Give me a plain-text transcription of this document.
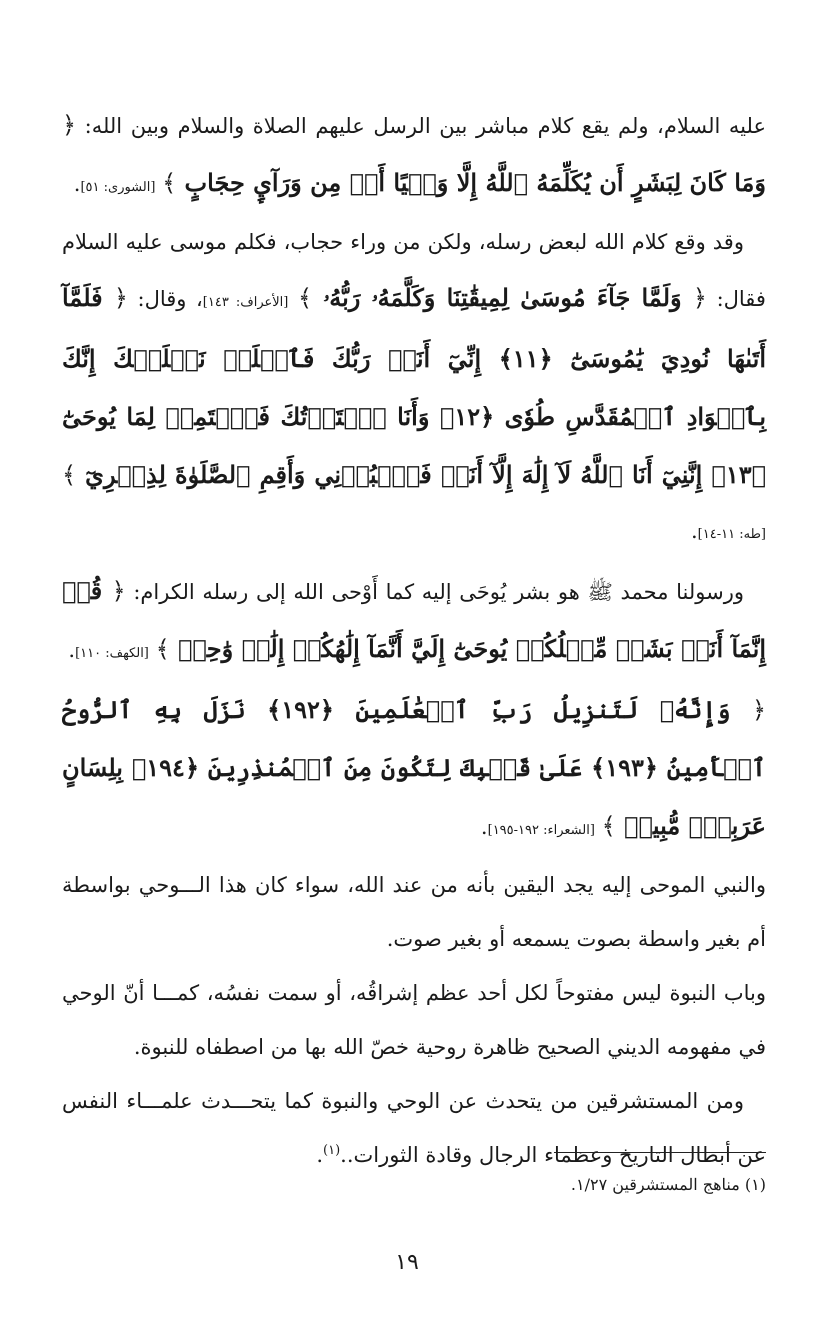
عليه السلام، ولم يقع كلام مباشر بين الرسل عليهم الصلاة والسلام وبين الله: ﴿ وَمَا كَانَ لِبَشَرٍ أَن يُكَلِّمَهُ ٱللَّهُ إِلَّا وَحۡيًا أَوۡ مِن وَرَآيِٕ حِجَابٍ ﴾ [الشورى: ٥١].

وقد وقع كلام الله لبعض رسله، ولكن من وراء حجاب، فكلم موسى عليه السلام فقال: ﴿ وَلَمَّا جَآءَ مُوسَىٰ لِمِيقَٰتِنَا وَكَلَّمَهُۥ رَبُّهُۥ ﴾ [الأعراف: ١٤٣]، وقال: ﴿ فَلَمَّآ أَتَىٰهَا نُودِيَ يَٰمُوسَىٰٓ ﴿١١﴾ إِنِّيٓ أَنَا۠ رَبُّكَ فَٱخۡلَعۡ نَعۡلَيۡكَ إِنَّكَ بِٱلۡوَادِ ٱلۡمُقَدَّسِ طُوٗى ﴿١٢﴾ وَأَنَا ٱخۡتَرۡتُكَ فَٱسۡتَمِعۡ لِمَا يُوحَىٰٓ ﴿١٣﴾ إِنَّنِيٓ أَنَا ٱللَّهُ لَآ إِلَٰهَ إِلَّآ أَنَا۠ فَٱعۡبُدۡنِي وَأَقِمِ ٱلصَّلَوٰةَ لِذِكۡرِيٓ ﴾ [طه: ١١-١٤].

ورسولنا محمد ﷺ هو بشر يُوحَى إليه كما أَوْحى الله إلى رسله الكرام: ﴿ قُلۡ إِنَّمَآ أَنَا۠ بَشَرٞ مِّثۡلُكُمۡ يُوحَىٰٓ إِلَيَّ أَنَّمَآ إِلَٰهُكُمۡ إِلَٰهٞ وَٰحِدٞ ﴾ [الكهف: ١١٠].

﴿ وَإِنَّهُۥ لَتَنزِيلُ رَبِّ ٱلۡعَٰلَمِينَ ﴿١٩٢﴾ نَزَلَ بِهِ ٱلرُّوحُ ٱلۡأَمِينُ ﴿١٩٣﴾ عَلَىٰ قَلۡبِكَ لِتَكُونَ مِنَ ٱلۡمُنذِرِينَ ﴿١٩٤﴾ بِلِسَانٍ عَرَبِيّٖ مُّبِينٖ ﴾ [الشعراء: ١٩٢-١٩٥].

والنبي الموحى إليه يجد اليقين بأنه من عند الله، سواء كان هذا الـــوحي بواسطة أم بغير واسطة بصوت يسمعه أو بغير صوت.

وباب النبوة ليس مفتوحاً لكل أحد عظم إشراقُه، أو سمت نفسُه، كمـــا أنّ الوحي في مفهومه الديني الصحيح ظاهرة روحية خصّ الله بها من اصطفاه للنبوة.

ومن المستشرقين من يتحدث عن الوحي والنبوة كما يتحـــدث علمـــاء النفس عن أبطال التاريخ وعظماء الرجال وقادة الثورات..$^{(١)}$.

(١) مناهج المستشرقين ١/٢٧.
١٩
